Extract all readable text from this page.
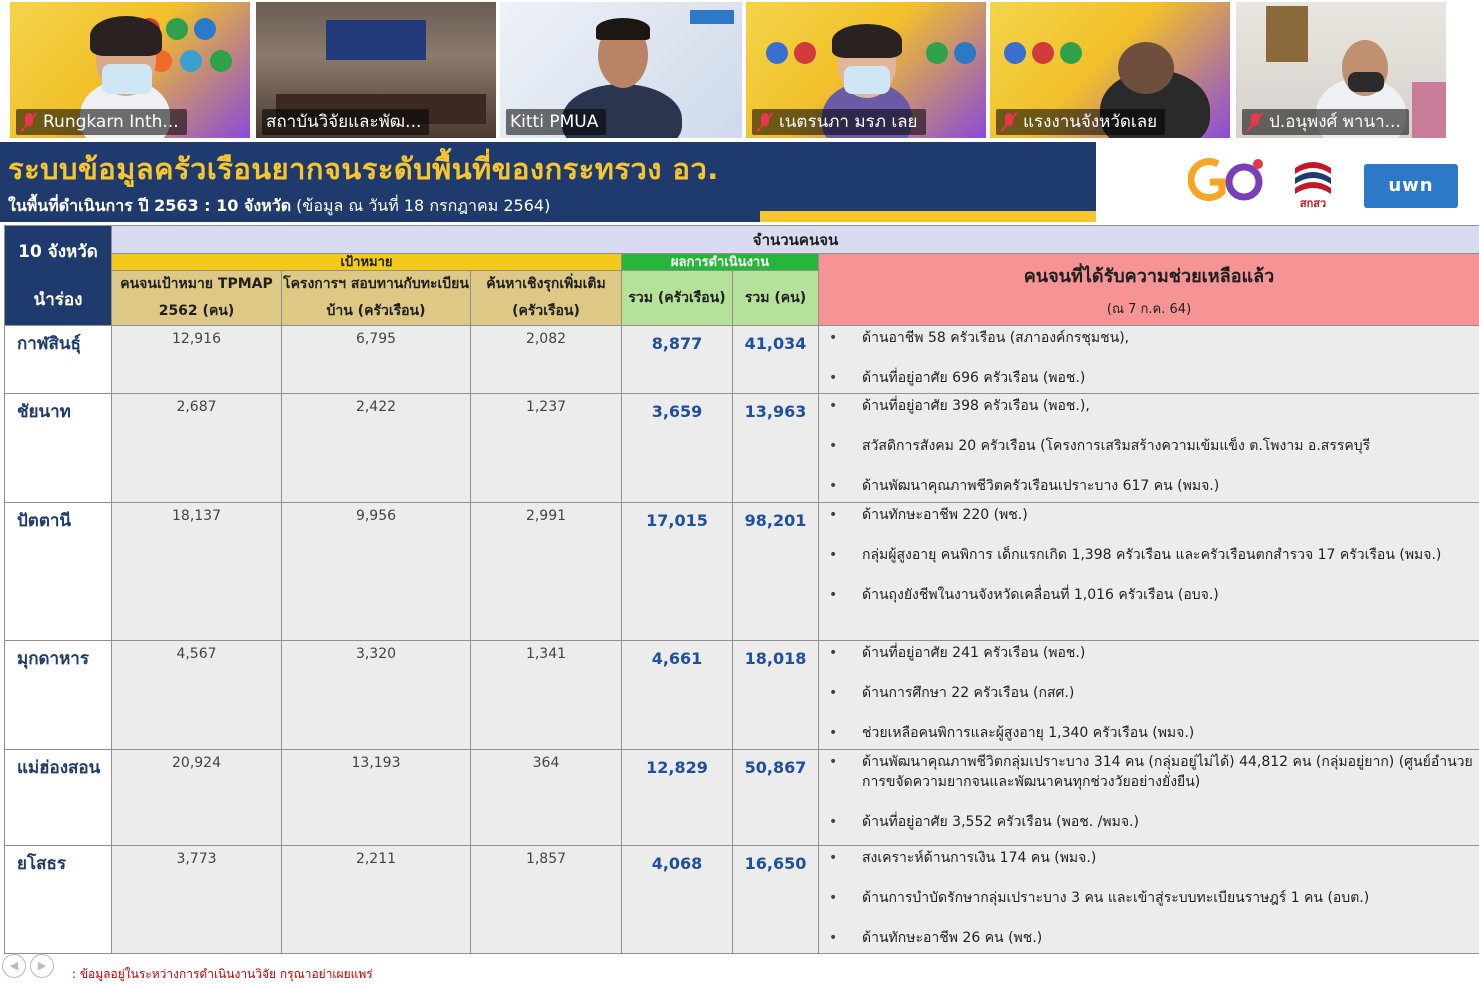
Rungkarn Inth...	สถาบันวิจัยและพัฒ...	Kitti PMUA	เนตรนภา มรภ เลย	แรงงานจังหวัดเลย	ป.อนุพงศ์ พานา...
ระบบข้อมูลครัวเรือนยากจนระดับพื้นที่ของกระทรวง อว.
ในพื้นที่ดำเนินการ ปี 2563 : 10 จังหวัด (ข้อมูล ณ วันที่ 18 กรกฎาคม 2564)	สกสว
uwn
10 จังหวัด
นำร่อง	จำนวนคนจน					
	เป้าหมาย			ผลการดำเนินงาน		คนจนที่ได้รับความช่วยเหลือแล้ว
(ณ 7 ก.ค. 64)

	คนจนเป้าหมาย TPMAP 2562 (คน)	โครงการฯ สอบทานกับทะเบียนบ้าน (ครัวเรือน)	ค้นหาเชิงรุกเพิ่มเติม (ครัวเรือน)	รวม (ครัวเรือน)	รวม (คน)	
กาฬสินธุ์	12,916	6,795	2,082	8,877	41,034	• ด้านอาชีพ 58 ครัวเรือน (สภาองค์กรชุมชน),
• ด้านที่อยู่อาศัย 696 ครัวเรือน (พอช.)

ชัยนาท	2,687	2,422	1,237	3,659	13,963	• ด้านที่อยู่อาศัย 398 ครัวเรือน (พอช.),
• สวัสดิการสังคม 20 ครัวเรือน (โครงการเสริมสร้างความเข้มแข็ง ต.โพงาม อ.สรรคบุรี
• ด้านพัฒนาคุณภาพชีวิตครัวเรือนเปราะบาง 617 คน (พมจ.)

ปัตตานี	18,137	9,956	2,991	17,015	98,201	• ด้านทักษะอาชีพ 220 (พช.)
• กลุ่มผู้สูงอายุ คนพิการ เด็กแรกเกิด 1,398 ครัวเรือน และครัวเรือนตกสำรวจ 17 ครัวเรือน (พมจ.)
• ด้านถุงยังชีพในงานจังหวัดเคลื่อนที่ 1,016 ครัวเรือน (อบจ.)

มุกดาหาร	4,567	3,320	1,341	4,661	18,018	• ด้านที่อยู่อาศัย 241 ครัวเรือน (พอช.)
• ด้านการศึกษา 22 ครัวเรือน (กสศ.)
• ช่วยเหลือคนพิการและผู้สูงอายุ 1,340 ครัวเรือน (พมจ.)

แม่ฮ่องสอน	20,924	13,193	364	12,829	50,867	• ด้านพัฒนาคุณภาพชีวิตกลุ่มเปราะบาง 314 คน (กลุ่มอยู่ไม่ได้) 44,812 คน (กลุ่มอยู่ยาก) (ศูนย์อำนวยการขจัดความยากจนและพัฒนาคนทุกช่วงวัยอย่างยั่งยืน)
• ด้านที่อยู่อาศัย 3,552 ครัวเรือน (พอช. /พมจ.)

ยโสธร	3,773	2,211	1,857	4,068	16,650	• สงเคราะห์ด้านการเงิน 174 คน (พมจ.)
• ด้านการบำบัดรักษากลุ่มเปราะบาง 3 คน และเข้าสู่ระบบทะเบียนราษฎร์ 1 คน (อบต.)
• ด้านทักษะอาชีพ 26 คน (พช.)
◀	▶
: ข้อมูลอยู่ในระหว่างการดำเนินงานวิจัย กรุณาอย่าเผยแพร่
